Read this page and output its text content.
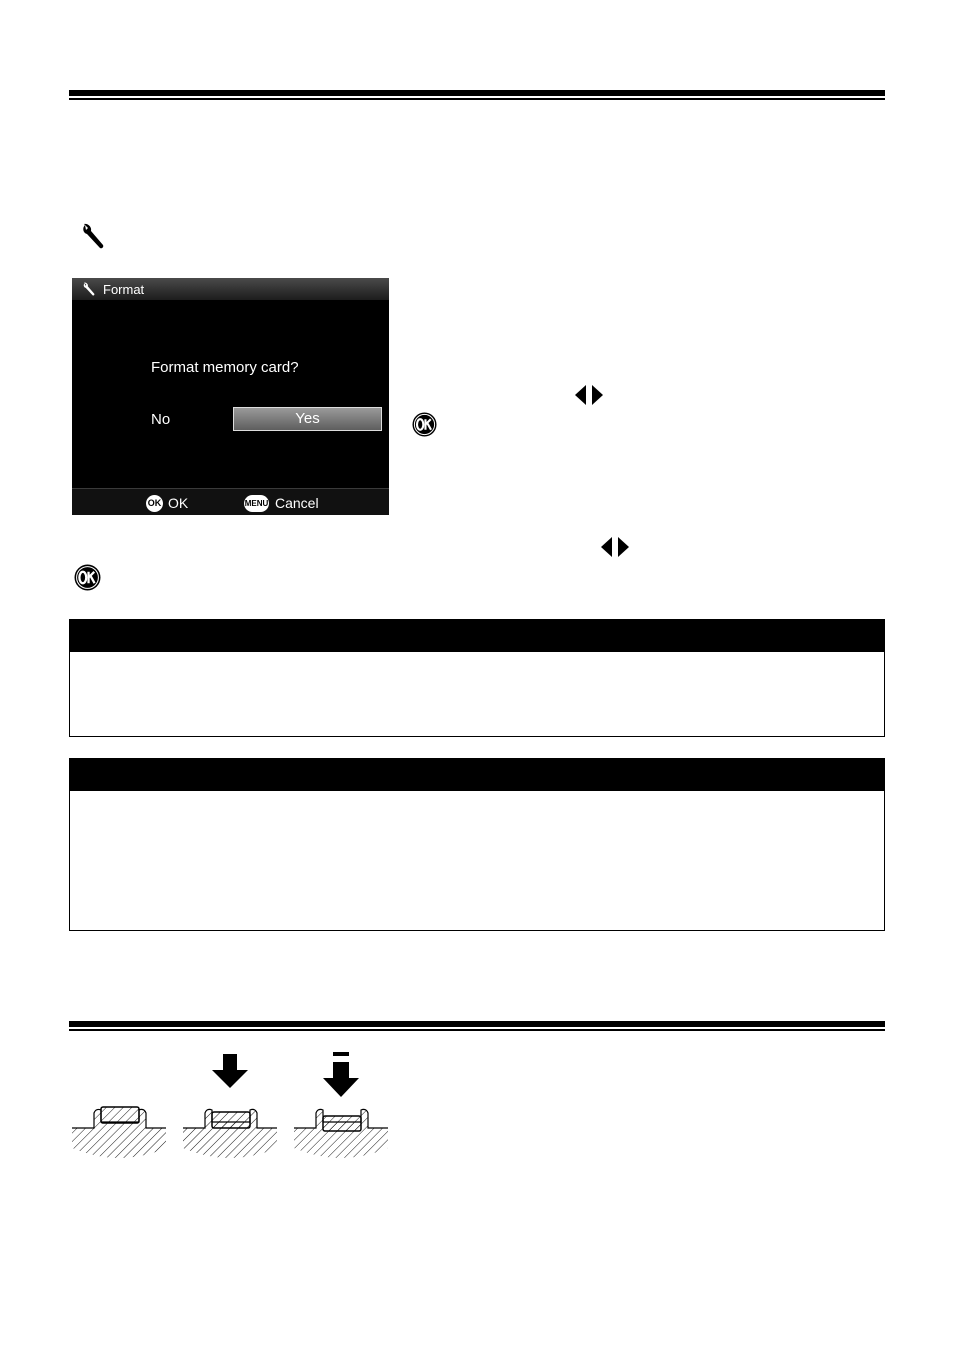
Format
Format memory card?
No	Yes
OK OK	MENU Cancel
